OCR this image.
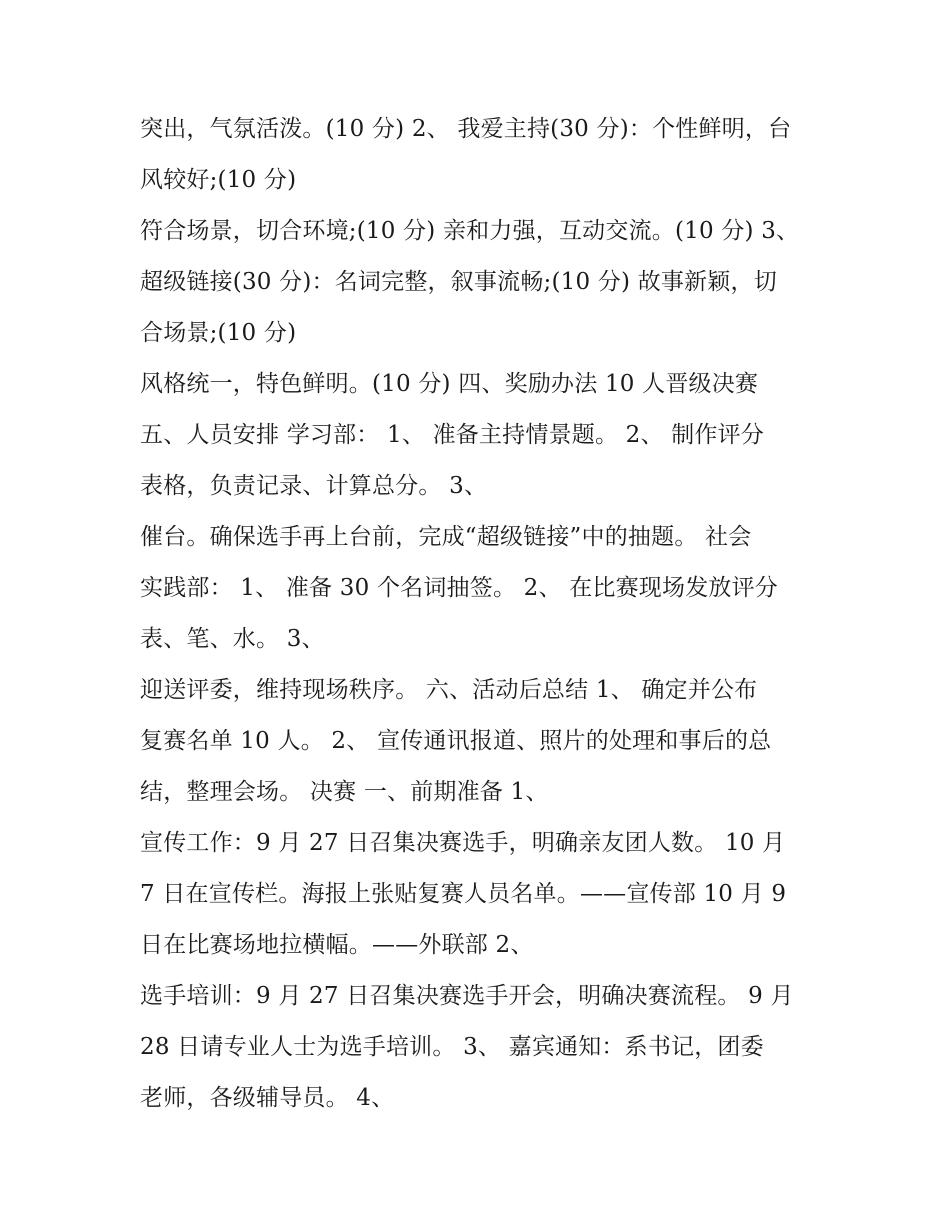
突出，气氛活泼。(10 分) 2、 我爱主持(30 分)：个性鲜明，台
风较好;(10 分)
符合场景，切合环境;(10 分) 亲和力强，互动交流。(10 分) 3、
超级链接(30 分)：名词完整，叙事流畅;(10 分) 故事新颖，切
合场景;(10 分)
风格统一，特色鲜明。(10 分) 四、奖励办法 10 人晋级决赛
五、人员安排 学习部： 1、 准备主持情景题。 2、 制作评分
表格，负责记录、计算总分。 3、
催台。确保选手再上台前，完成“超级链接”中的抽题。 社会
实践部： 1、 准备 30 个名词抽签。 2、 在比赛现场发放评分
表、笔、水。 3、
迎送评委，维持现场秩序。 六、活动后总结 1、 确定并公布
复赛名单 10 人。 2、 宣传通讯报道、照片的处理和事后的总
结，整理会场。 决赛 一、前期准备 1、
宣传工作：9 月 27 日召集决赛选手，明确亲友团人数。 10 月
7 日在宣传栏。海报上张贴复赛人员名单。——宣传部 10 月 9
日在比赛场地拉横幅。——外联部 2、
选手培训：9 月 27 日召集决赛选手开会，明确决赛流程。 9 月
28 日请专业人士为选手培训。 3、 嘉宾通知：系书记，团委
老师，各级辅导员。 4、
